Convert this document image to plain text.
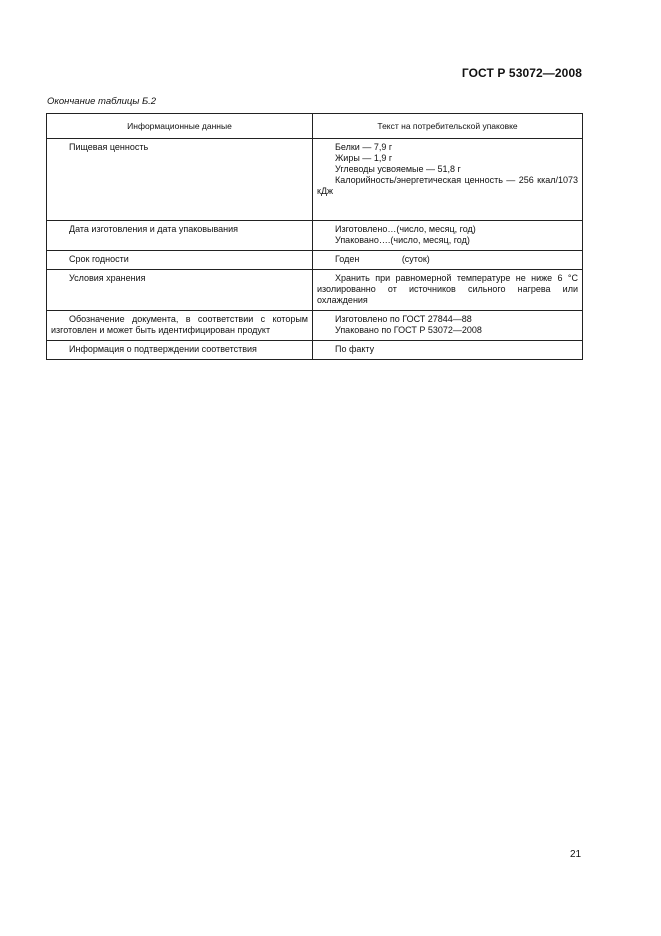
ГОСТ Р 53072—2008
Окончание таблицы Б.2
Информационные данные	Текст на потребительской упаковке
Пищевая ценность	Белки — 7,9 г
Жиры — 1,9 г
Углеводы усвояемые — 51,8 г
Калорийность/энергетическая ценность — 256 ккал/1073 кДж

Дата изготовления и дата упаковывания	Изготовлено…(число, месяц, год)
Упаковано….(число, месяц, год)

Срок годности	Годен                 (суток)

Условия хранения	Хранить при равномерной температуре не ниже 6 °С изолированно от источников сильного нагрева или охлаждения

Обозначение документа, в соответствии с которым изготовлен и может быть идентифицирован продукт	Изготовлено по ГОСТ 27844—88
Упаковано по ГОСТ Р 53072—2008

Информация о подтверждении соответствия	По факту
21
